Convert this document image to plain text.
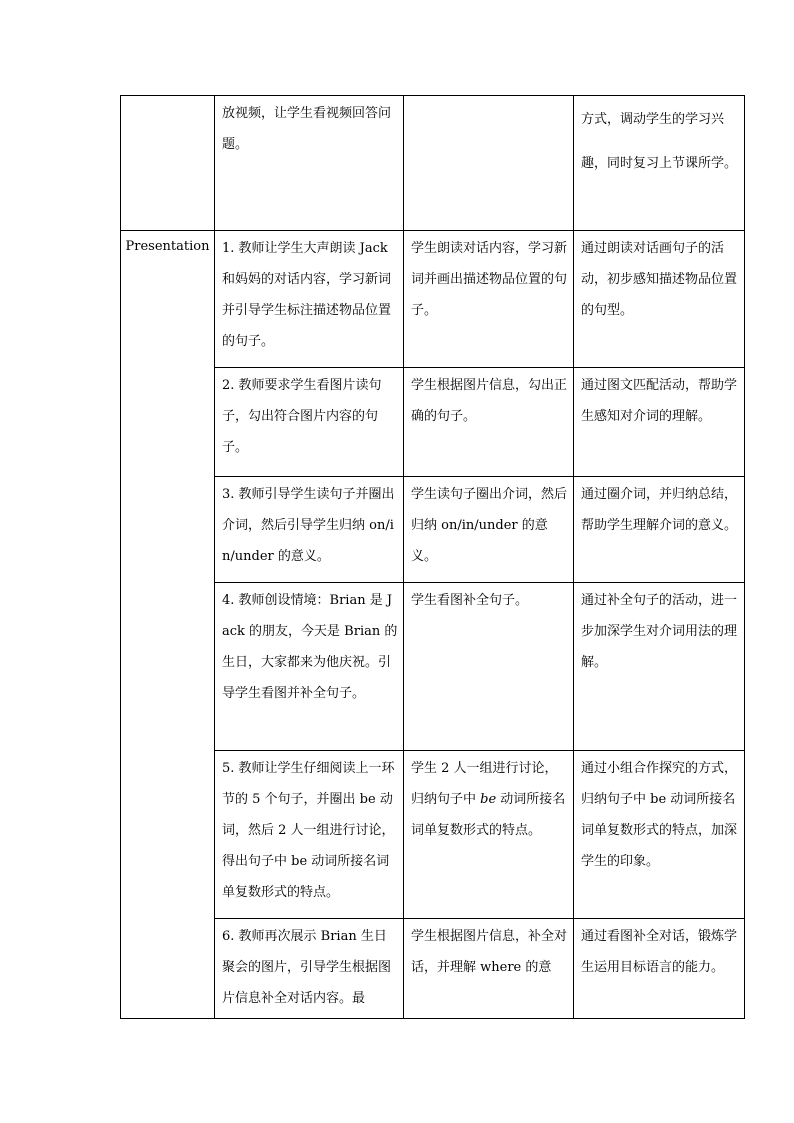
	放视频，让学生看视频回答问题。		方式，调动学生的学习兴趣，同时复习上节课所学。

Presentation	1. 教师让学生大声朗读 Jack 和妈妈的对话内容，学习新词并引导学生标注描述物品位置的句子。	学生朗读对话内容，学习新词并画出描述物品位置的句子。	通过朗读对话画句子的活动，初步感知描述物品位置的句型。

	2. 教师要求学生看图片读句子，勾出符合图片内容的句子。	学生根据图片信息，勾出正确的句子。	通过图文匹配活动，帮助学生感知对介词的理解。

	3. 教师引导学生读句子并圈出介词，然后引导学生归纳 on/in/under 的意义。	学生读句子圈出介词，然后归纳 on/in/under 的意义。	通过圈介词，并归纳总结，帮助学生理解介词的意义。

	4. 教师创设情境：Brian 是 Jack 的朋友，今天是 Brian 的生日，大家都来为他庆祝。引导学生看图并补全句子。	学生看图补全句子。	通过补全句子的活动，进一步加深学生对介词用法的理解。

	5. 教师让学生仔细阅读上一环节的 5 个句子，并圈出 be 动词，然后 2 人一组进行讨论，得出句子中 be 动词所接名词单复数形式的特点。	学生 2 人一组进行讨论，归纳句子中 be 动词所接名词单复数形式的特点。	通过小组合作探究的方式，归纳句子中 be 动词所接名词单复数形式的特点，加深学生的印象。

	6. 教师再次展示 Brian 生日聚会的图片，引导学生根据图片信息补全对话内容。最	学生根据图片信息，补全对话，并理解 where 的意	通过看图补全对话，锻炼学生运用目标语言的能力。
